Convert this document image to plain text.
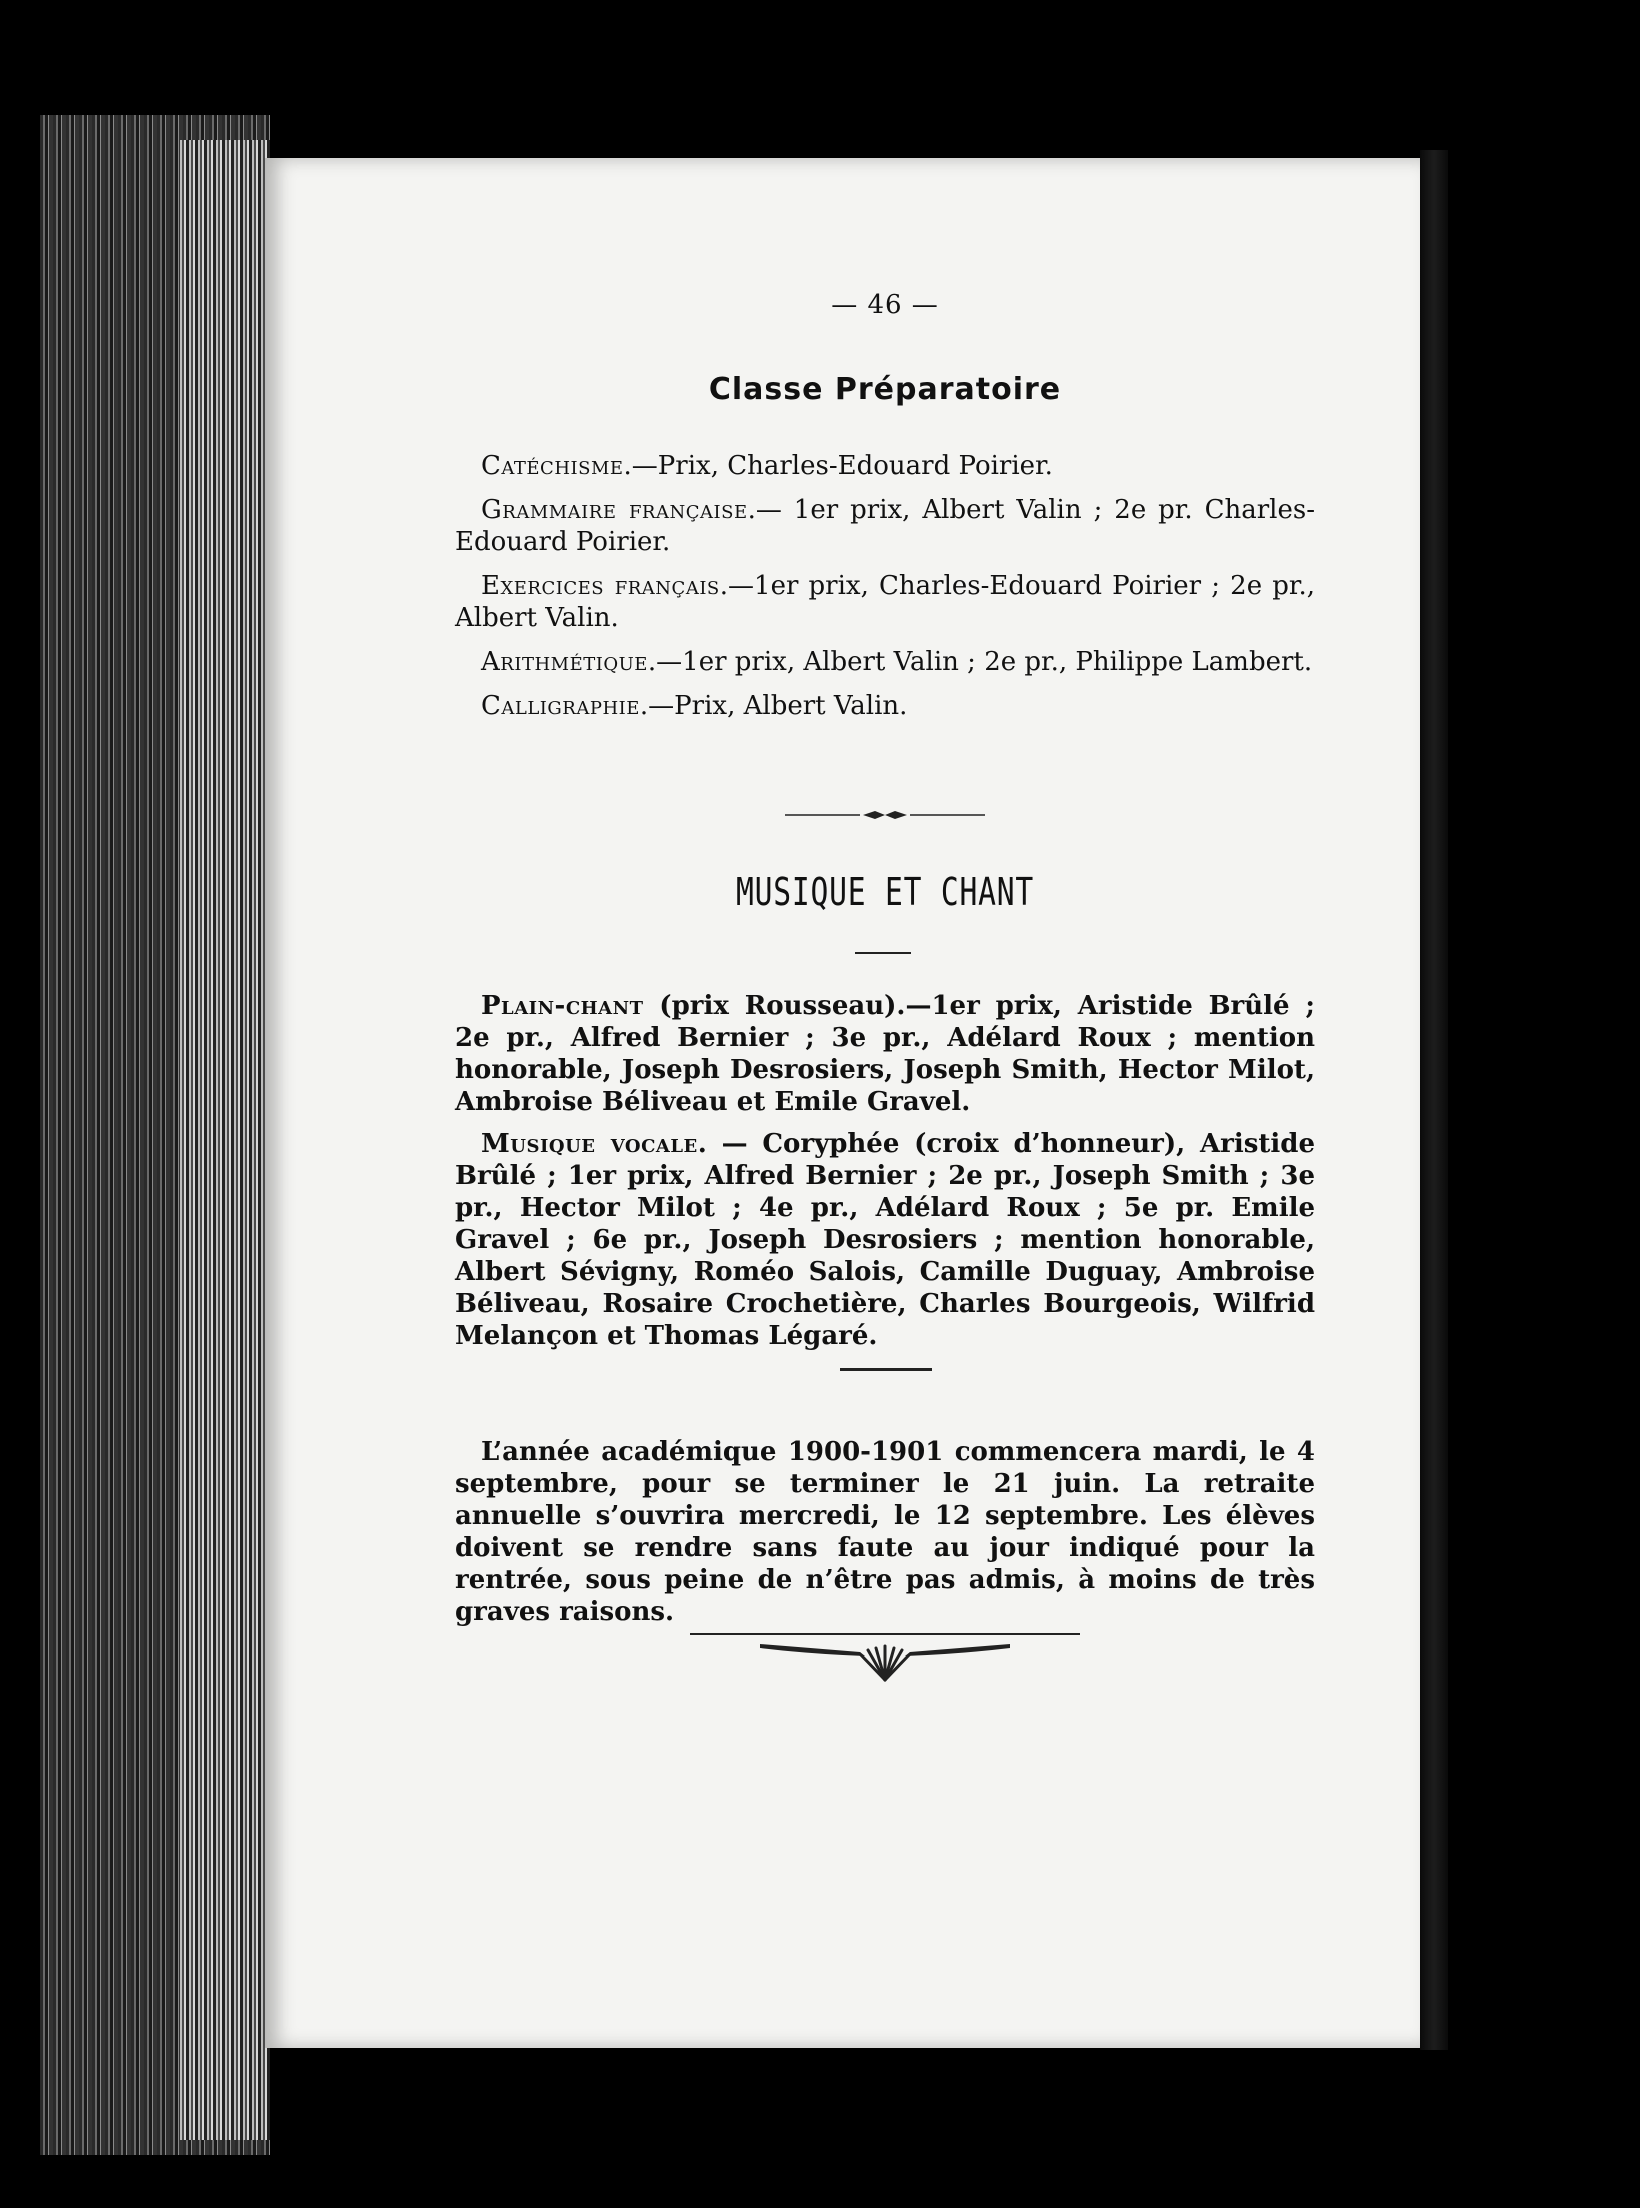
— 46 —
Classe Préparatoire

Catéchisme.—Prix, Charles-Edouard Poirier.

Grammaire française.— 1er prix, Albert Valin ; 2e pr. Charles-Edouard Poirier.

Exercices français.—1er prix, Charles-Edouard Poirier ; 2e pr., Albert Valin.

Arithmétique.—1er prix, Albert Valin ; 2e pr., Philippe Lambert.

Calligraphie.—Prix, Albert Valin.

MUSIQUE ET CHANT

Plain-chant (prix Rousseau).—1er prix, Aristide Brûlé ; 2e pr., Alfred Bernier ; 3e pr., Adélard Roux ; mention honorable, Joseph Desrosiers, Joseph Smith, Hector Milot, Ambroise Béliveau et Emile Gravel.

Musique vocale. — Coryphée (croix d’honneur), Aristide Brûlé ; 1er prix, Alfred Bernier ; 2e pr., Joseph Smith ; 3e pr., Hector Milot ; 4e pr., Adélard Roux ; 5e pr. Emile Gravel ; 6e pr., Joseph Desrosiers ; mention honorable, Albert Sévigny, Roméo Salois, Camille Duguay, Ambroise Béliveau, Rosaire Crochetière, Charles Bourgeois, Wilfrid Melançon et Thomas Légaré.

L’année académique 1900-1901 commencera mardi, le 4 septembre, pour se terminer le 21 juin. La retraite annuelle s’ouvrira mercredi, le 12 septembre. Les élèves doivent se rendre sans faute au jour indiqué pour la rentrée, sous peine de n’être pas admis, à moins de très graves raisons.
